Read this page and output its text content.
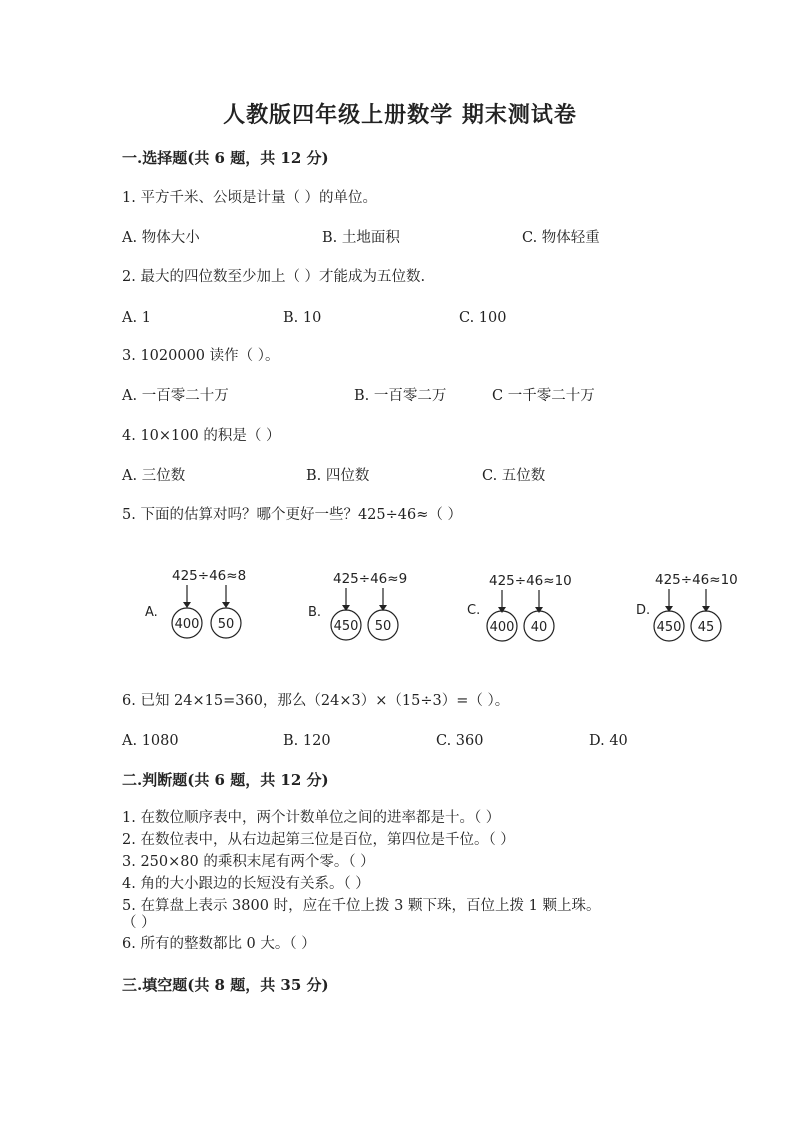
人教版四年级上册数学 期末测试卷
一.选择题(共 6 题，共 12 分)
1. 平方千米、公顷是计量（ ）的单位。
A. 物体大小	B. 土地面积	C. 物体轻重
2. 最大的四位数至少加上（ ）才能成为五位数.
A. 1	B. 10	C. 100
3. 1020000 读作（ ）。
A. 一百零二十万	B. 一百零二万	C 一千零二十万
4. 10×100 的积是（ ）
A. 三位数	B. 四位数	C. 五位数
5. 下面的估算对吗？哪个更好一些？425÷46≈（ ）
A.
425÷46≈8
400 50
B.
425÷46≈9
450 50
C.
425÷46≈10
400 40
D.
425÷46≈10
450 45
6. 已知 24×15=360，那么（24×3）×（15÷3）=（ ）。
A. 1080	B. 120	C. 360	D. 40
二.判断题(共 6 题，共 12 分)
1. 在数位顺序表中，两个计数单位之间的进率都是十。（ ）
2. 在数位表中，从右边起第三位是百位，第四位是千位。（ ）
3. 250×80 的乘积末尾有两个零。（ ）
4. 角的大小跟边的长短没有关系。（ ）
5. 在算盘上表示 3800 时，应在千位上拨 3 颗下珠，百位上拨 1 颗上珠。
（ ）
6. 所有的整数都比 0 大。（ ）
三.填空题(共 8 题，共 35 分)
